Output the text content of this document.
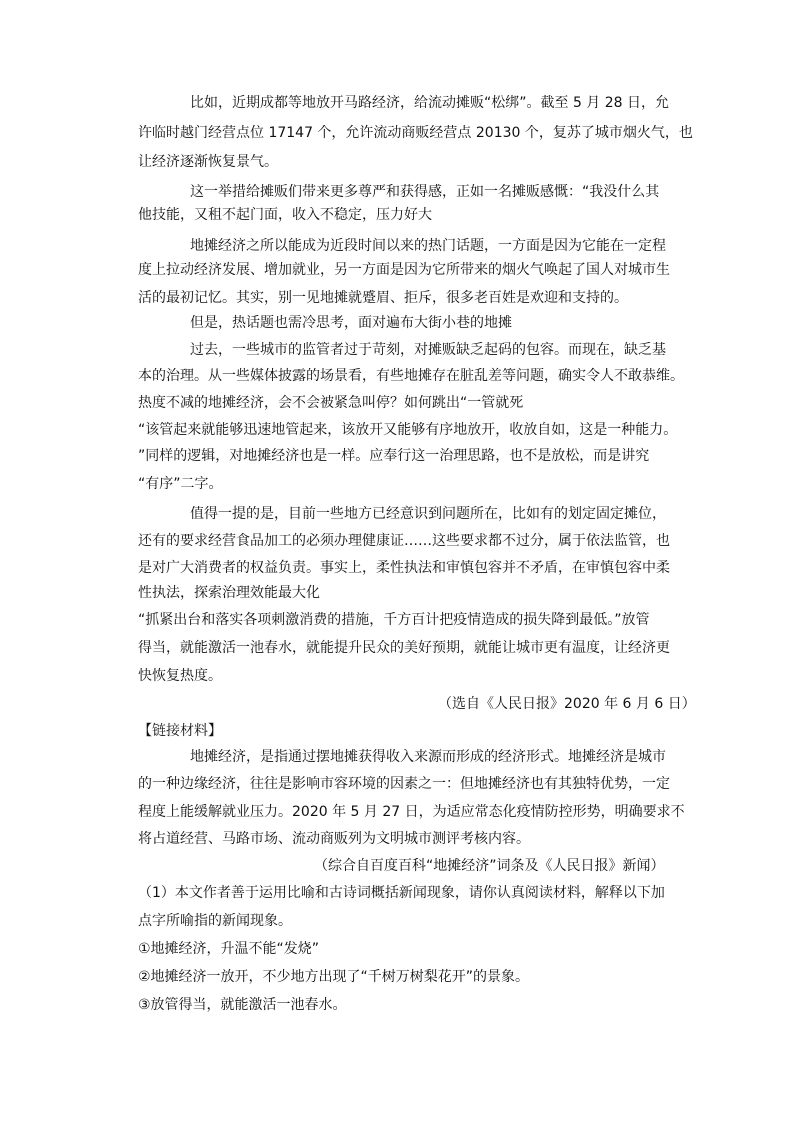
比如，近期成都等地放开马路经济，给流动摊贩“松绑”。截至 5 月 28 日，允

许临时越门经营点位 17147 个，允许流动商贩经营点 20130 个，复苏了城市烟火气，也

让经济逐渐恢复景气。

这一举措给摊贩们带来更多尊严和获得感，正如一名摊贩感慨：“我没什么其

他技能，又租不起门面，收入不稳定，压力好大

地摊经济之所以能成为近段时间以来的热门话题，一方面是因为它能在一定程

度上拉动经济发展、增加就业，另一方面是因为它所带来的烟火气唤起了国人对城市生

活的最初记忆。其实，别一见地摊就蹙眉、拒斥，很多老百姓是欢迎和支持的。

但是，热话题也需冷思考，面对遍布大街小巷的地摊

过去，一些城市的监管者过于苛刻，对摊贩缺乏起码的包容。而现在，缺乏基

本的治理。从一些媒体披露的场景看，有些地摊存在脏乱差等问题，确实令人不敢恭维。

热度不减的地摊经济，会不会被紧急叫停？如何跳出“一管就死

“该管起来就能够迅速地管起来，该放开又能够有序地放开，收放自如，这是一种能力。

”同样的逻辑，对地摊经济也是一样。应奉行这一治理思路，也不是放松，而是讲究

“有序”二字。

值得一提的是，目前一些地方已经意识到问题所在，比如有的划定固定摊位，

还有的要求经营食品加工的必须办理健康证……这些要求都不过分，属于依法监管，也

是对广大消费者的权益负责。事实上，柔性执法和审慎包容并不矛盾，在审慎包容中柔

性执法，探索治理效能最大化

“抓紧出台和落实各项刺激消费的措施，千方百计把疫情造成的损失降到最低。”放管

得当，就能激活一池春水，就能提升民众的美好预期，就能让城市更有温度，让经济更

快恢复热度。

（选自《人民日报》2020 年 6 月 6 日）

【链接材料】

地摊经济，是指通过摆地摊获得收入来源而形成的经济形式。地摊经济是城市

的一种边缘经济，往往是影响市容环境的因素之一：但地摊经济也有其独特优势，一定

程度上能缓解就业压力。2020 年 5 月 27 日，为适应常态化疫情防控形势，明确要求不

将占道经营、马路市场、流动商贩列为文明城市测评考核内容。

（综合自百度百科“地摊经济”词条及《人民日报》新闻）

（1）本文作者善于运用比喻和古诗词概括新闻现象，请你认真阅读材料，解释以下加

点字所喻指的新闻现象。

①地摊经济，升温不能“发烧”

②地摊经济一放开，不少地方出现了“千树万树梨花开”的景象。

③放管得当，就能激活一池春水。
